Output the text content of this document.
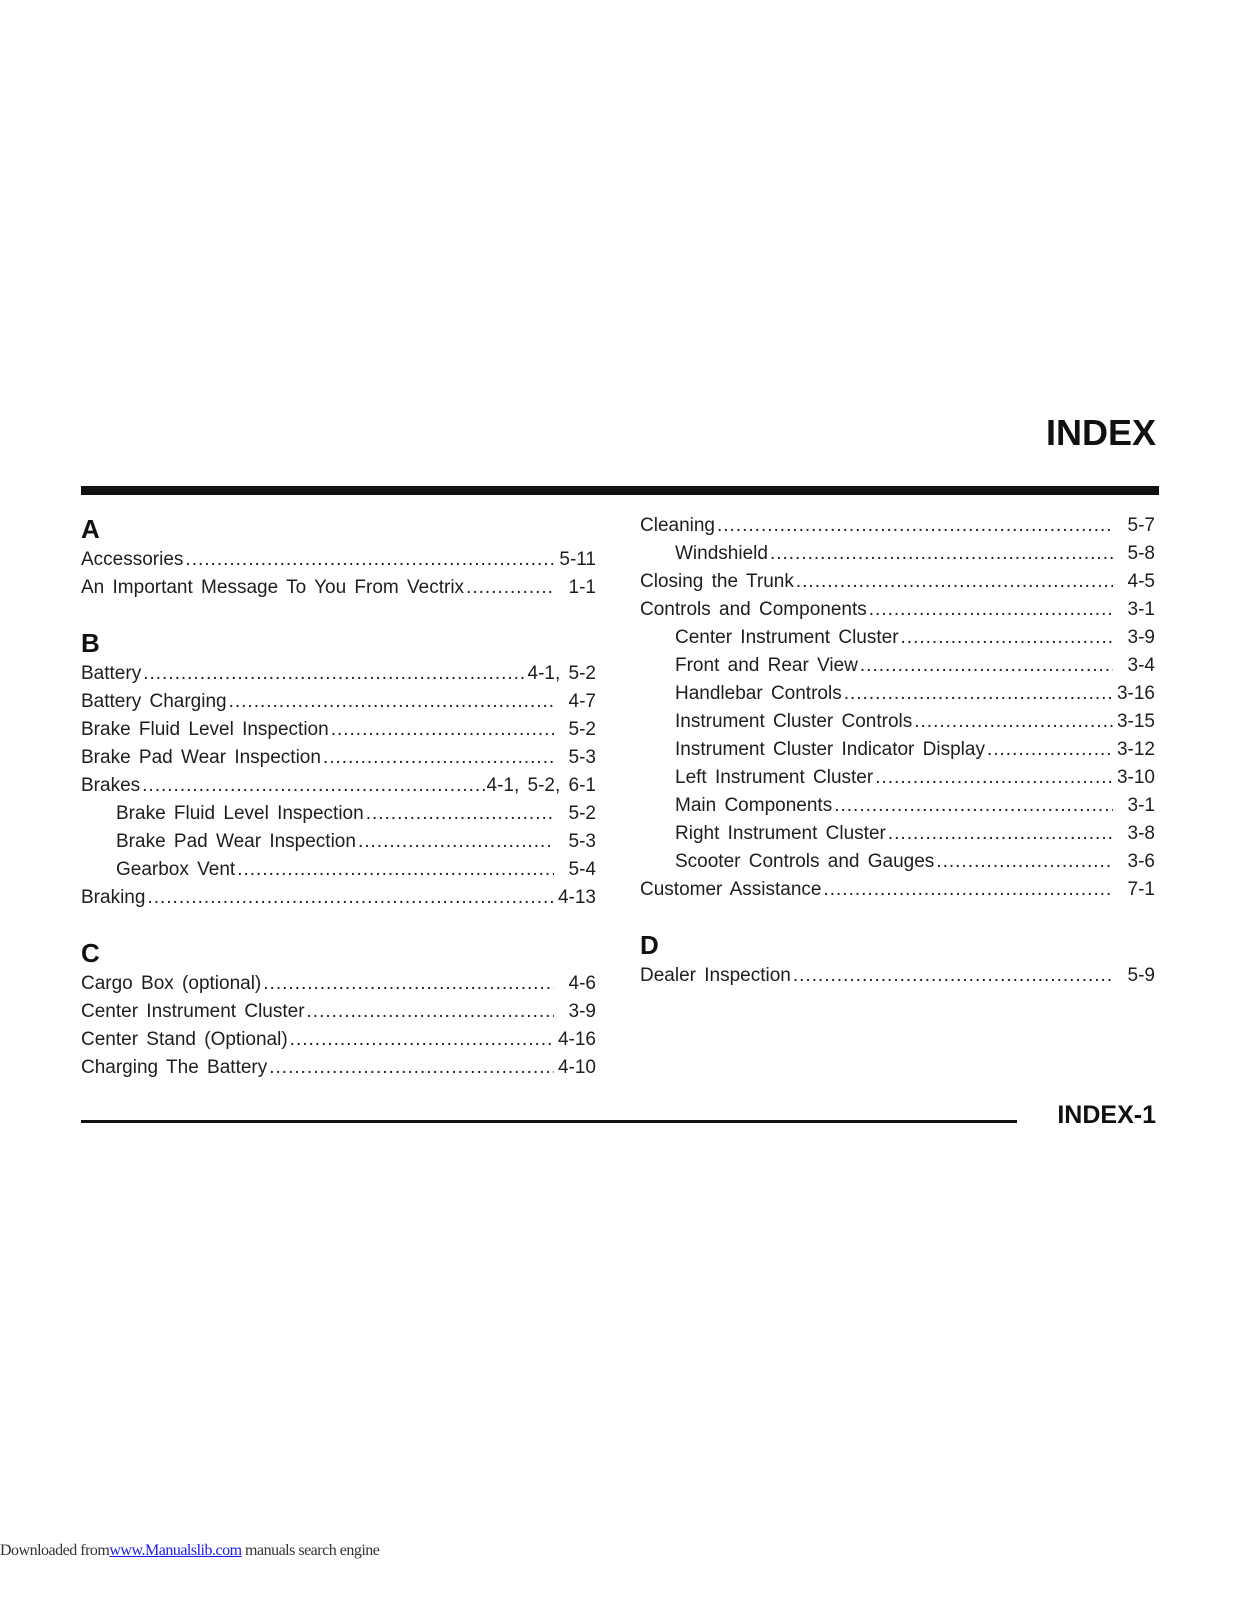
INDEX
A
Accessories .....	5-11
An Important Message To You From Vectrix .....	1-1
B
Battery .....	4-1, 5-2
Battery Charging .....	4-7
Brake Fluid Level Inspection .....	5-2
Brake Pad Wear Inspection .....	5-3
Brakes .....	4-1, 5-2, 6-1
Brake Fluid Level Inspection .....	5-2
Brake Pad Wear Inspection .....	5-3
Gearbox Vent .....	5-4
Braking .....	4-13
C
Cargo Box (optional) .....	4-6
Center Instrument Cluster .....	3-9
Center Stand (Optional) .....	4-16
Charging The Battery .....	4-10
Cleaning .....	5-7
Windshield .....	5-8
Closing the Trunk .....	4-5
Controls and Components .....	3-1
Center Instrument Cluster .....	3-9
Front and Rear View .....	3-4
Handlebar Controls .....	3-16
Instrument Cluster Controls .....	3-15
Instrument Cluster Indicator Display .....	3-12
Left Instrument Cluster .....	3-10
Main Components .....	3-1
Right Instrument Cluster .....	3-8
Scooter Controls and Gauges .....	3-6
Customer Assistance .....	7-1
D
Dealer Inspection .....	5-9
INDEX-1
Downloaded fromwww.Manualslib.com manuals search engine
